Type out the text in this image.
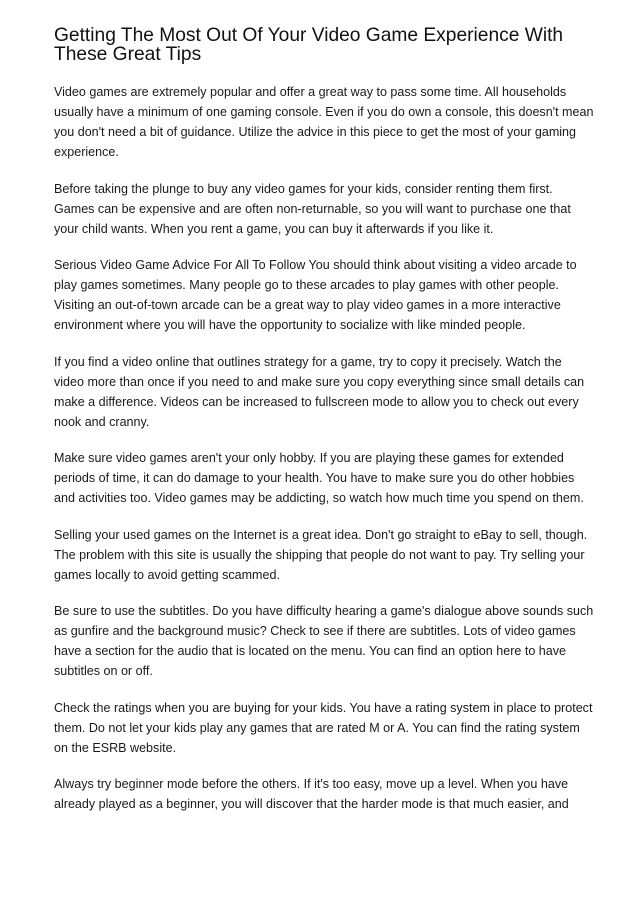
Getting The Most Out Of Your Video Game Experience With These Great Tips

Video games are extremely popular and offer a great way to pass some time. All households usually have a minimum of one gaming console. Even if you do own a console, this doesn't mean you don't need a bit of guidance. Utilize the advice in this piece to get the most of your gaming experience.

Before taking the plunge to buy any video games for your kids, consider renting them first. Games can be expensive and are often non-returnable, so you will want to purchase one that your child wants. When you rent a game, you can buy it afterwards if you like it.

Serious Video Game Advice For All To Follow You should think about visiting a video arcade to play games sometimes. Many people go to these arcades to play games with other people. Visiting an out-of-town arcade can be a great way to play video games in a more interactive environment where you will have the opportunity to socialize with like minded people.

If you find a video online that outlines strategy for a game, try to copy it precisely. Watch the video more than once if you need to and make sure you copy everything since small details can make a difference. Videos can be increased to fullscreen mode to allow you to check out every nook and cranny.

Make sure video games aren't your only hobby. If you are playing these games for extended periods of time, it can do damage to your health. You have to make sure you do other hobbies and activities too. Video games may be addicting, so watch how much time you spend on them.

Selling your used games on the Internet is a great idea. Don't go straight to eBay to sell, though. The problem with this site is usually the shipping that people do not want to pay. Try selling your games locally to avoid getting scammed.

Be sure to use the subtitles. Do you have difficulty hearing a game's dialogue above sounds such as gunfire and the background music? Check to see if there are subtitles. Lots of video games have a section for the audio that is located on the menu. You can find an option here to have subtitles on or off.

Check the ratings when you are buying for your kids. You have a rating system in place to protect them. Do not let your kids play any games that are rated M or A. You can find the rating system on the ESRB website.

Always try beginner mode before the others. If it's too easy, move up a level. When you have already played as a beginner, you will discover that the harder mode is that much easier, and
